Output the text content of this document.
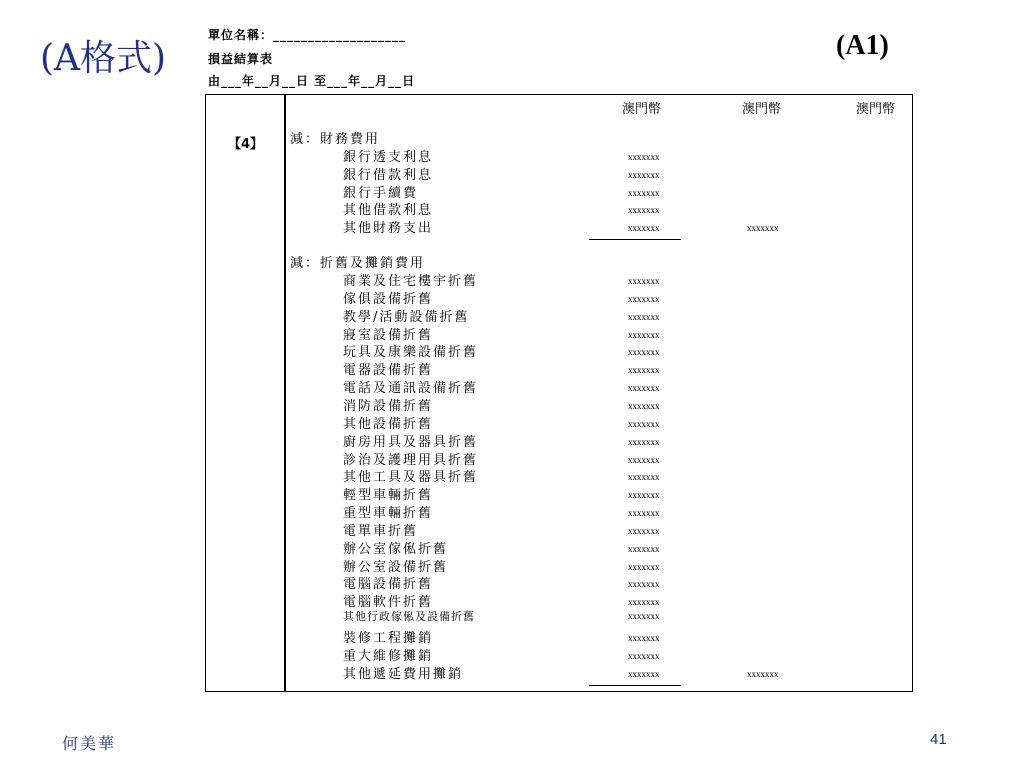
(A格式)	(A1)
單位名稱：___________________
損益結算表
由___年__月__日 至___年__月__日
澳門幣	澳門幣	澳門幣
【4】 減：財務費用
銀行透支利息	xxxxxxx
銀行借款利息	xxxxxxx
銀行手續費	xxxxxxx
其他借款利息	xxxxxxx
其他財務支出	xxxxxxx	xxxxxxx
減：折舊及攤銷費用
商業及住宅樓宇折舊	xxxxxxx
傢俱設備折舊	xxxxxxx
教學/活動設備折舊	xxxxxxx
寢室設備折舊	xxxxxxx
玩具及康樂設備折舊	xxxxxxx
電器設備折舊	xxxxxxx
電話及通訊設備折舊	xxxxxxx
消防設備折舊	xxxxxxx
其他設備折舊	xxxxxxx
廚房用具及器具折舊	xxxxxxx
診治及護理用具折舊	xxxxxxx
其他工具及器具折舊	xxxxxxx
輕型車輛折舊	xxxxxxx
重型車輛折舊	xxxxxxx
電單車折舊	xxxxxxx
辦公室傢俬折舊	xxxxxxx
辦公室設備折舊	xxxxxxx
電腦設備折舊	xxxxxxx
電腦軟件折舊	xxxxxxx
其他行政傢俬及設備折舊	xxxxxxx
裝修工程攤銷	xxxxxxx
重大維修攤銷	xxxxxxx
其他遞延費用攤銷	xxxxxxx	xxxxxxx
何美華	41
